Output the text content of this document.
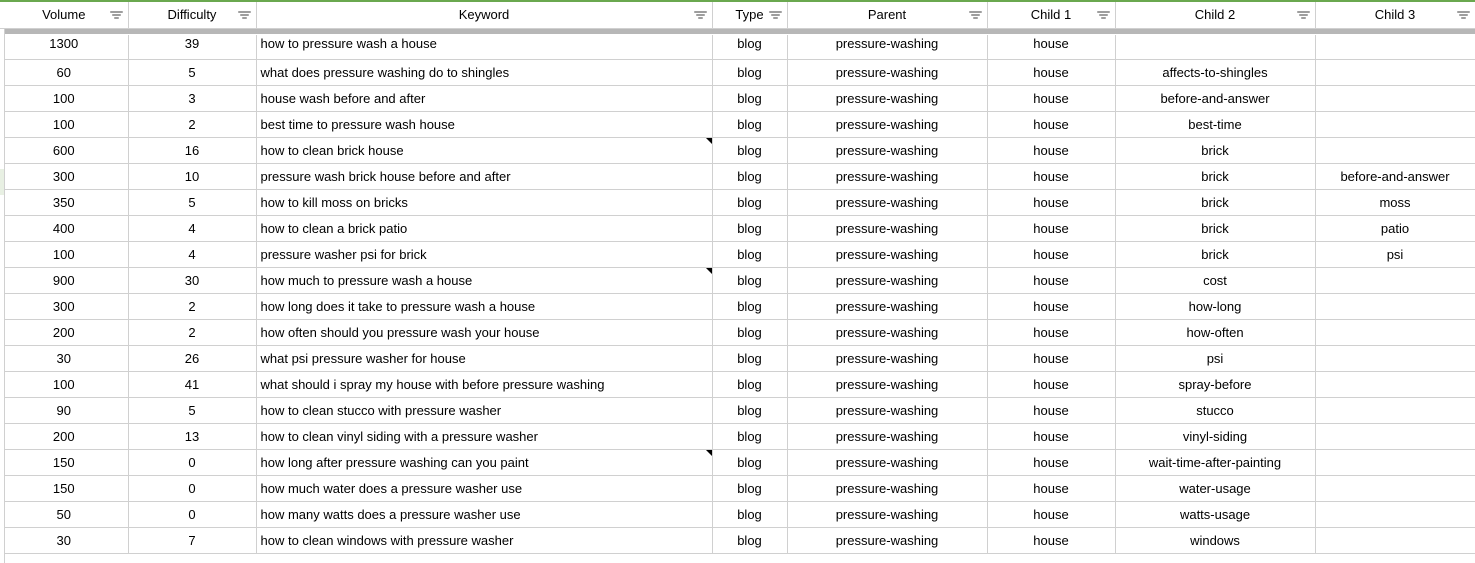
Volume	Difficulty	Keyword	Type	Parent	Child 1	Child 2	Child 3

1300	39	how to pressure wash a house	blog	pressure-washing	house		
60	5	what does pressure washing do to shingles	blog	pressure-washing	house	affects-to-shingles	
100	3	house wash before and after	blog	pressure-washing	house	before-and-answer	
100	2	best time to pressure wash house	blog	pressure-washing	house	best-time	
600	16	how to clean brick house	blog	pressure-washing	house	brick	
300	10	pressure wash brick house before and after	blog	pressure-washing	house	brick	before-and-answer
350	5	how to kill moss on bricks	blog	pressure-washing	house	brick	moss
400	4	how to clean a brick patio	blog	pressure-washing	house	brick	patio
100	4	pressure washer psi for brick	blog	pressure-washing	house	brick	psi
900	30	how much to pressure wash a house	blog	pressure-washing	house	cost	
300	2	how long does it take to pressure wash a house	blog	pressure-washing	house	how-long	
200	2	how often should you pressure wash your house	blog	pressure-washing	house	how-often	
30	26	what psi pressure washer for house	blog	pressure-washing	house	psi	
100	41	what should i spray my house with before pressure washing	blog	pressure-washing	house	spray-before	
90	5	how to clean stucco with pressure washer	blog	pressure-washing	house	stucco	
200	13	how to clean vinyl siding with a pressure washer	blog	pressure-washing	house	vinyl-siding	
150	0	how long after pressure washing can you paint	blog	pressure-washing	house	wait-time-after-painting	
150	0	how much water does a pressure washer use	blog	pressure-washing	house	water-usage	
50	0	how many watts does a pressure washer use	blog	pressure-washing	house	watts-usage	
30	7	how to clean windows with pressure washer	blog	pressure-washing	house	windows	
